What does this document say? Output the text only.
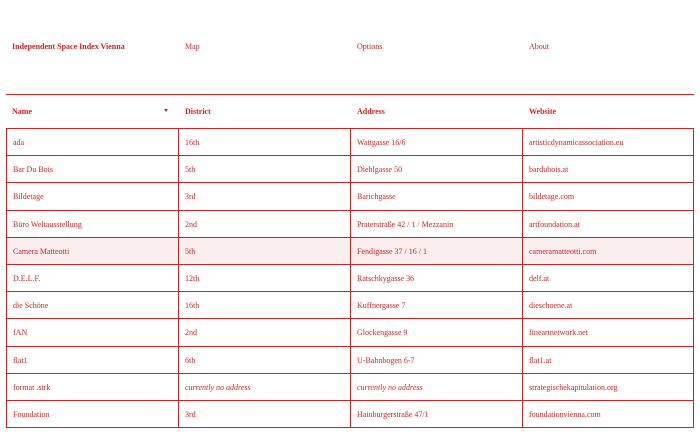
Independent Space Index Vienna	Map	Options	About
Name	District	Address	Website
ada	16th	Wattgasse 16/6	artisticdynamicassociation.eu
Bar Du Bois	5th	Diehlgasse 50	bardubois.at
Bildetage	3rd	Barichgasse	bildetage.com
Büro Weltausstellung	2nd	Praterstraße 42 / 1 / Mezzanin	artfoundation.at
Camera Matteotti	5th	Fendigasse 37 / 16 / 1	cameramatteotti.com
D.E.L.F.	12th	Ratschkygasse 36	delf.at
die Schöne	16th	Kuffnergasse 7	dieschoene.at
fAN	2nd	Glockengasse 9	fineartnetwork.net
flat1	6th	U-Bahnbogen 6-7	flat1.at
format .strk	currently no address	currently no address	strategischekapitulation.org
Foundation	3rd	Hainburgerstraße 47/1	foundationvienna.com
